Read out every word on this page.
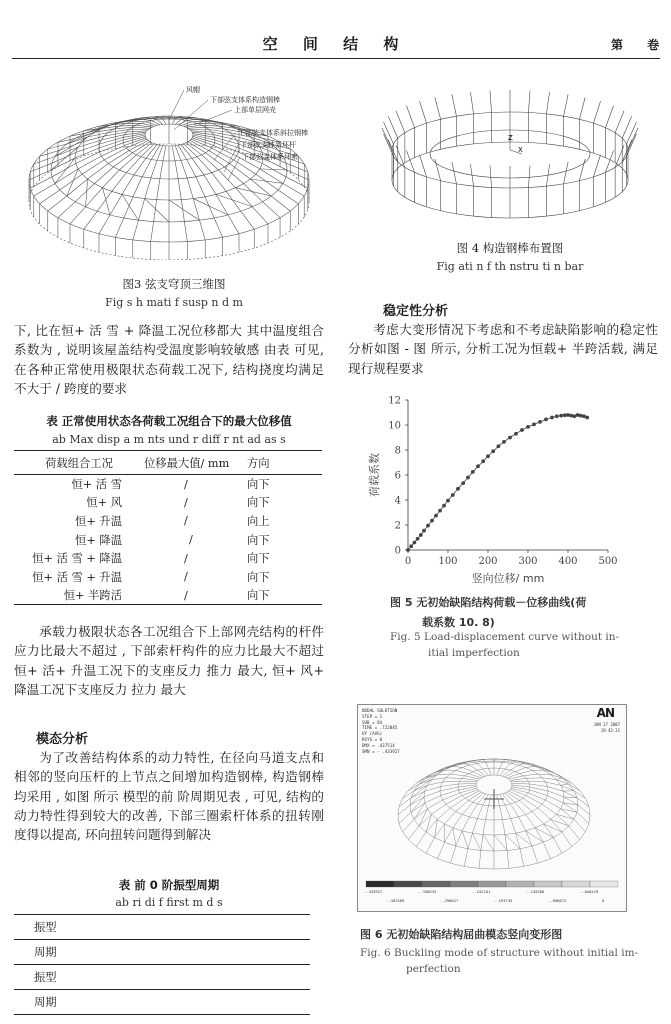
空 间 结 构	第 卷
风帽
下部弦支体系构造钢棒
上部单层网壳
下部弦支体系斜拉钢棒
下部弦支体系环杆
下部弦支体系环索
图3 弦支穹顶三维图
Fig s h mati f susp n d m
Z
X
图 4 构造钢棒布置图
Fig ati n f th nstru ti n bar
下, 比在恒+ 活 雪 + 降温工况位移都大 其中温度组合系数为 , 说明该屋盖结构受温度影响较敏感 由表 可见, 在各种正常使用极限状态荷载工况下, 结构挠度均满足不大于 / 跨度的要求
表 正常使用状态各荷载工况组合下的最大位移值
ab Max disp a m nts und r diff r nt ad as s
荷载组合工况	位移最大值/ mm	方向
恒+ 活 雪	/	向下
恒+ 风	/	向下
恒+ 升温	/	向上
恒+ 降温	/	向下
恒+ 活 雪 + 降温	/	向下
恒+ 活 雪 + 升温	/	向下
恒+ 半跨活	/	向下
承载力极限状态各工况组合下上部网壳结构的杆件应力比最大不超过 , 下部索杆构件的应力比最大不超过 恒+ 活+ 升温工况下的支座反力 推力 最大, 恒+ 风+ 降温工况下支座反力 拉力 最大
模态分析
为了改善结构体系的动力特性, 在径向马道支点和相邻的竖向压杆的上节点之间增加构造钢棒, 构造钢棒均采用 , 如图 所示 模型的前 阶周期见表 , 可见, 结构的动力特性得到较大的改善, 下部三圈索杆体系的扭转刚度得以提高, 环向扭转问题得到解决
表 前 0 阶振型周期
ab ri di f first m d s
振型
周期
振型
周期
稳定性分析
考虑大变形情况下考虑和不考虑缺陷影响的稳定性分析如图 - 图 所示, 分析工况为恒载+ 半跨活载, 满足现行规程要求
0	100 200 300 400 500
0
2
4
6
8
10
12
竖向位移/ mm
荷载系数
图 5 无初始缺陷结构荷载－位移曲线(荷
载系数 10. 8)
Fig. 5 Load-displacement curve without in-
itial imperfection
NODAL SOLUTION
STEP = 1
SUB = 84
TIME = .722045
UY (AVG)
RSYS = 0
DMX = .437514
SMN = - .433927
AN
JAN 27 2007
19:42:31
-.433927	-.336633	-.242181	-.145568	-.048419
-.387489	-.290617	-.193745	-.096872	0
图 6 无初始缺陷结构屈曲模态竖向变形图
Fig. 6 Buckling mode of structure without initial im-
perfection
